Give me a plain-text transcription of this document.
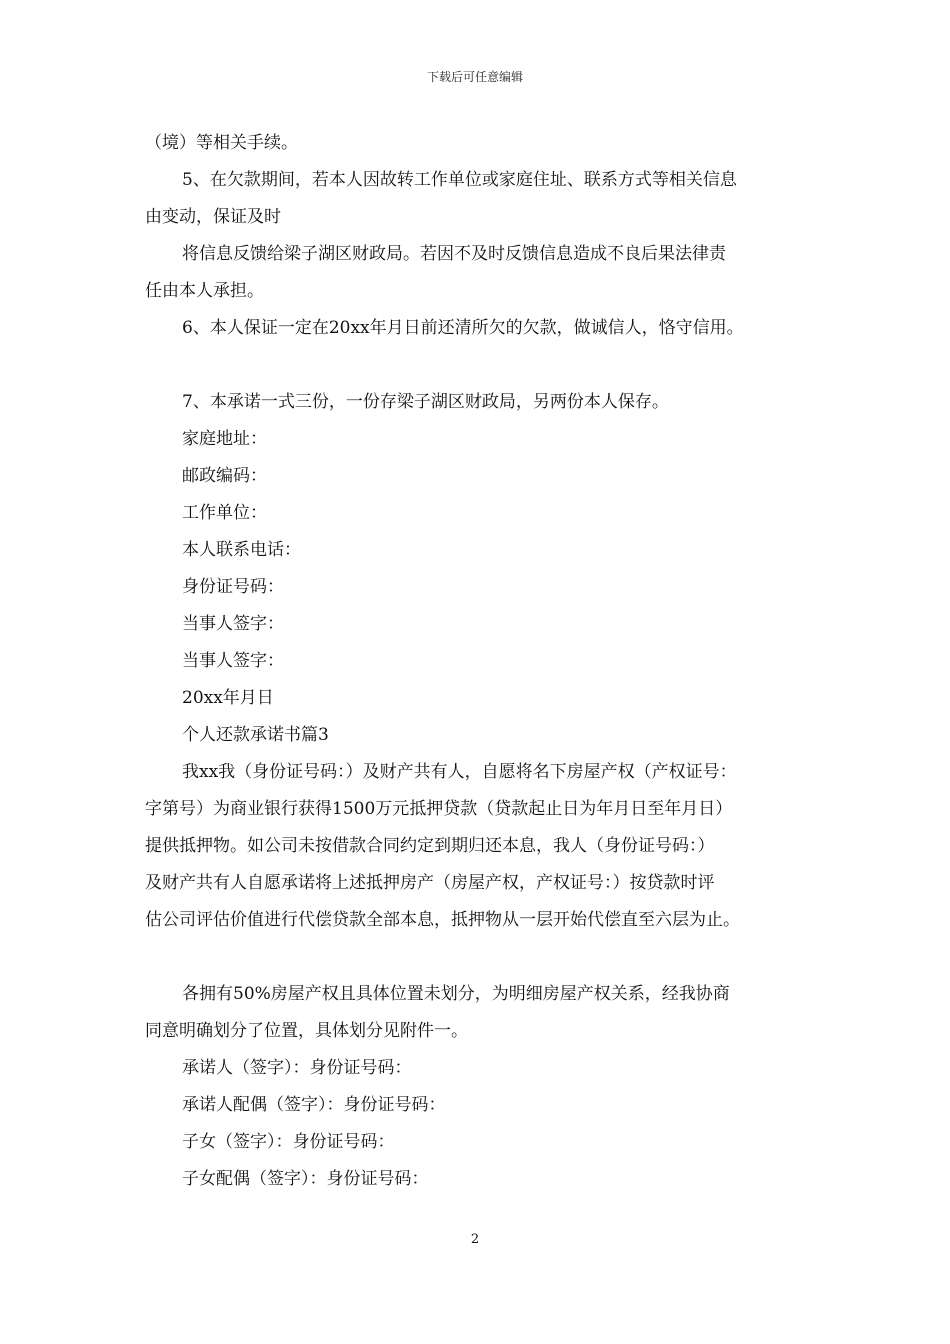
下载后可任意编辑
（境）等相关手续。
5、在欠款期间，若本人因故转工作单位或家庭住址、联系方式等相关信息
由变动，保证及时
将信息反馈给梁子湖区财政局。若因不及时反馈信息造成不良后果法律责
任由本人承担。
6、本人保证一定在20xx年月日前还清所欠的欠款，做诚信人，恪守信用。
7、本承诺一式三份，一份存梁子湖区财政局，另两份本人保存。
家庭地址：
邮政编码：
工作单位：
本人联系电话：
身份证号码：
当事人签字：
当事人签字：
20xx年月日
个人还款承诺书篇3
我xx我（身份证号码：）及财产共有人，自愿将名下房屋产权（产权证号：
字第号）为商业银行获得1500万元抵押贷款（贷款起止日为年月日至年月日）
提供抵押物。如公司未按借款合同约定到期归还本息，我人（身份证号码：）
及财产共有人自愿承诺将上述抵押房产（房屋产权，产权证号：）按贷款时评
估公司评估价值进行代偿贷款全部本息，抵押物从一层开始代偿直至六层为止。
各拥有50%房屋产权且具体位置未划分，为明细房屋产权关系，经我协商
同意明确划分了位置，具体划分见附件一。
承诺人（签字）：身份证号码：
承诺人配偶（签字）：身份证号码：
子女（签字）：身份证号码：
子女配偶（签字）：身份证号码：
2
